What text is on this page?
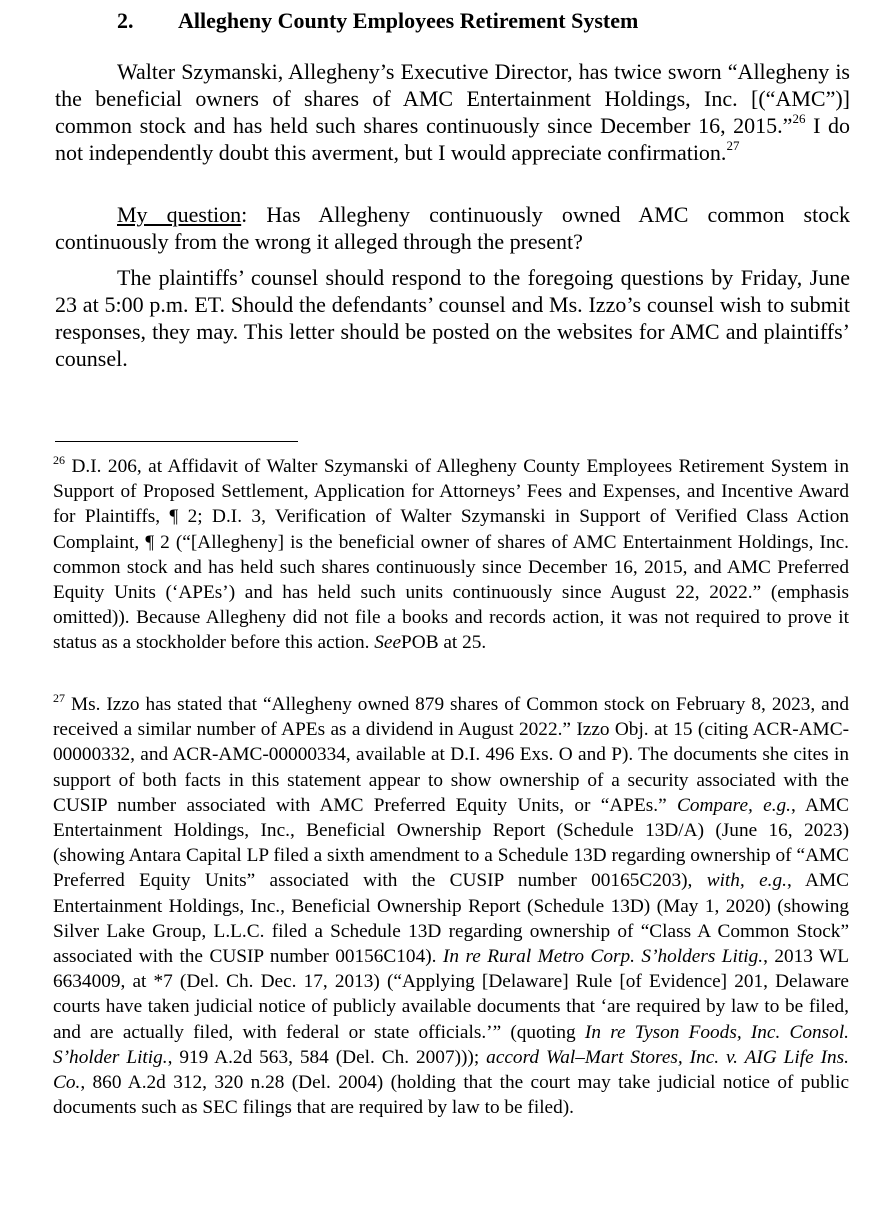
2. Allegheny County Employees Retirement System

Walter Szymanski, Allegheny’s Executive Director, has twice sworn “Allegheny is the beneficial owners of shares of AMC Entertainment Holdings, Inc. [(“AMC”)] common stock and has held such shares continuously since December 16, 2015.”$^{26}$ I do not independently doubt this averment, but I would appreciate confirmation.$^{27}$

My question: Has Allegheny continuously owned AMC common stock continuously from the wrong it alleged through the present?

The plaintiffs’ counsel should respond to the foregoing questions by Friday, June 23 at 5:00 p.m. ET. Should the defendants’ counsel and Ms. Izzo’s counsel wish to submit responses, they may. This letter should be posted on the websites for AMC and plaintiffs’ counsel.

$^{26}$ D.I. 206, at Affidavit of Walter Szymanski of Allegheny County Employees Retirement System in Support of Proposed Settlement, Application for Attorneys’ Fees and Expenses, and Incentive Award for Plaintiffs, ¶ 2; D.I. 3, Verification of Walter Szymanski in Support of Verified Class Action Complaint, ¶ 2 (“[Allegheny] is the beneficial owner of shares of AMC Entertainment Holdings, Inc. common stock and has held such shares continuously since December 16, 2015, and AMC Preferred Equity Units (‘APEs’) and has held such units continuously since August 22, 2022.” (emphasis omitted)). Because Allegheny did not file a books and records action, it was not required to prove it status as a stockholder before this action. SeePOB at 25.

$^{27}$ Ms. Izzo has stated that “Allegheny owned 879 shares of Common stock on February 8, 2023, and received a similar number of APEs as a dividend in August 2022.” Izzo Obj. at 15 (citing ACR-AMC-00000332, and ACR-AMC-00000334, available at D.I. 496 Exs. O and P). The documents she cites in support of both facts in this statement appear to show ownership of a security associated with the CUSIP number associated with AMC Preferred Equity Units, or “APEs.” Compare, e.g., AMC Entertainment Holdings, Inc., Beneficial Ownership Report (Schedule 13D/A) (June 16, 2023) (showing Antara Capital LP filed a sixth amendment to a Schedule 13D regarding ownership of “AMC Preferred Equity Units” associated with the CUSIP number 00165C203), with, e.g., AMC Entertainment Holdings, Inc., Beneficial Ownership Report (Schedule 13D) (May 1, 2020) (showing Silver Lake Group, L.L.C. filed a Schedule 13D regarding ownership of “Class A Common Stock” associated with the CUSIP number 00156C104). In re Rural Metro Corp. S’holders Litig., 2013 WL 6634009, at *7 (Del. Ch. Dec. 17, 2013) (“Applying [Delaware] Rule [of Evidence] 201, Delaware courts have taken judicial notice of publicly available documents that ‘are required by law to be filed, and are actually filed, with federal or state officials.’” (quoting In re Tyson Foods, Inc. Consol. S’holder Litig., 919 A.2d 563, 584 (Del. Ch. 2007))); accord Wal–Mart Stores, Inc. v. AIG Life Ins. Co., 860 A.2d 312, 320 n.28 (Del. 2004) (holding that the court may take judicial notice of public documents such as SEC filings that are required by law to be filed).
